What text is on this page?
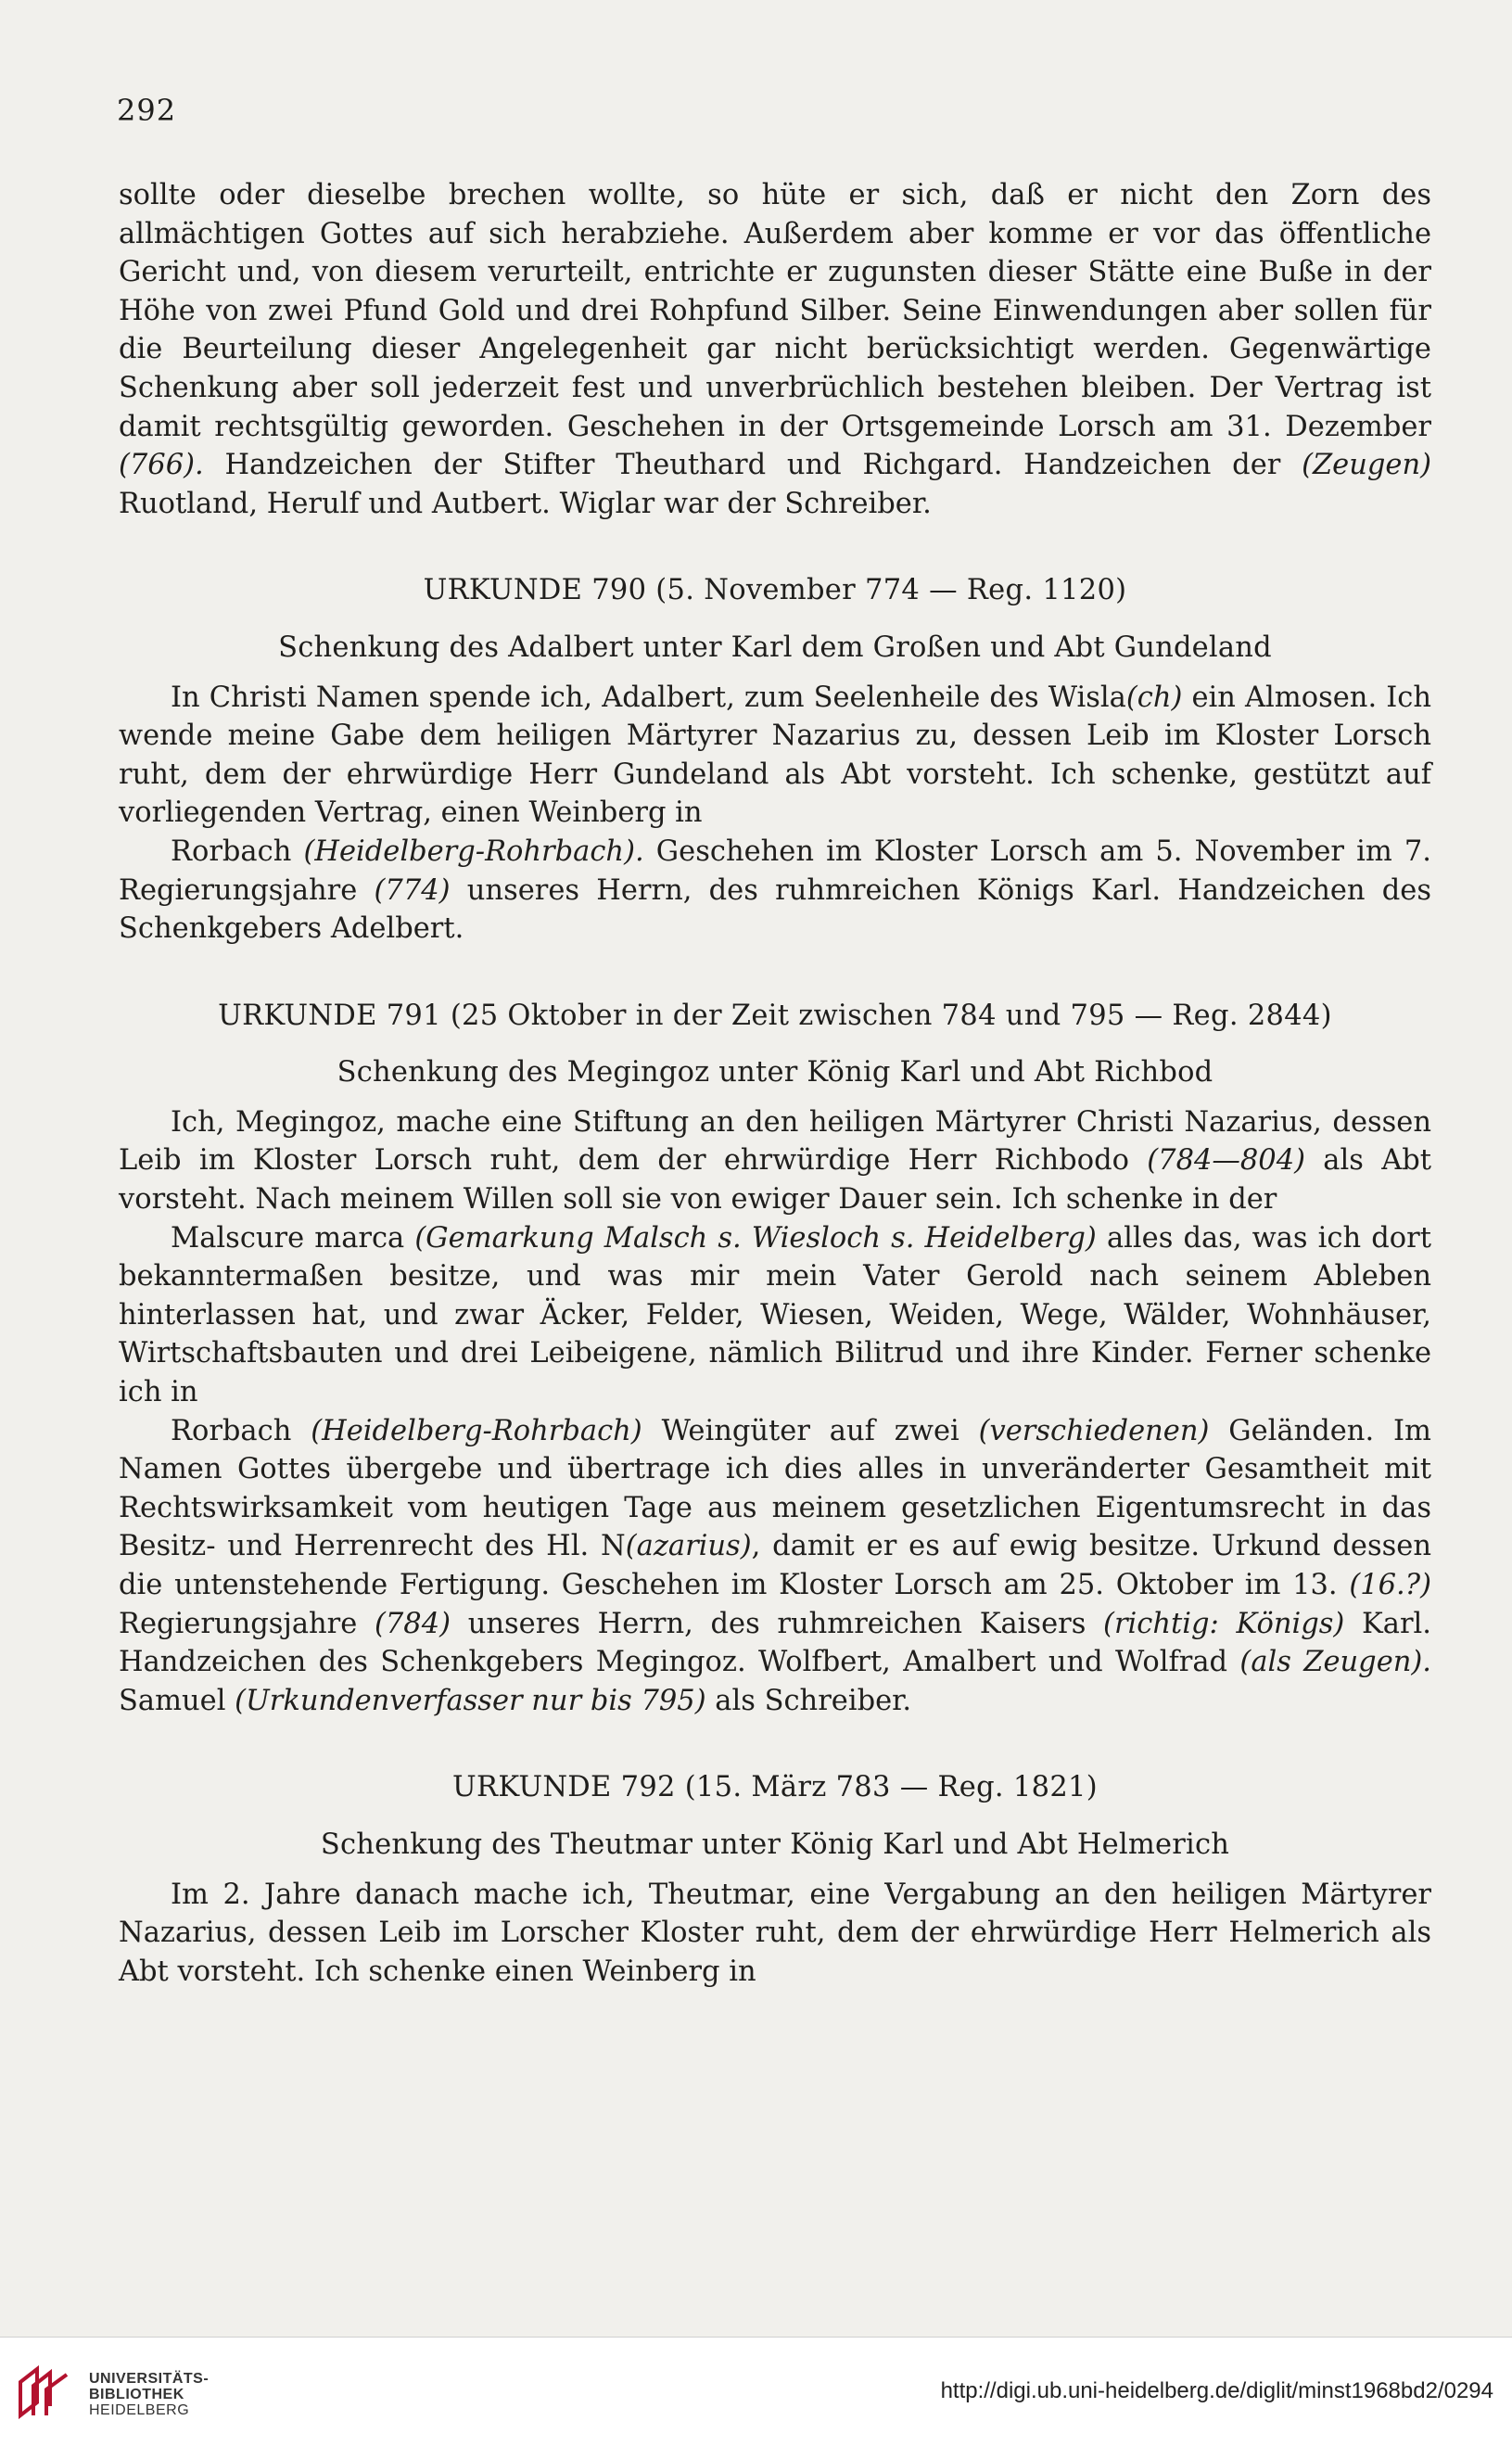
292

sollte oder dieselbe brechen wollte, so hüte er sich, daß er nicht den Zorn des allmächtigen Gottes auf sich herabziehe. Außerdem aber komme er vor das öffentliche Gericht und, von diesem verurteilt, entrichte er zugunsten dieser Stätte eine Buße in der Höhe von zwei Pfund Gold und drei Rohpfund Silber. Seine Einwendungen aber sollen für die Beurteilung dieser Angelegenheit gar nicht berücksichtigt werden. Gegenwärtige Schenkung aber soll jederzeit fest und unverbrüchlich bestehen bleiben. Der Vertrag ist damit rechtsgültig geworden. Geschehen in der Ortsgemeinde Lorsch am 31. Dezember (766). Handzeichen der Stifter Theuthard und Richgard. Handzeichen der (Zeugen) Ruotland, Herulf und Autbert. Wiglar war der Schreiber.

URKUNDE 790 (5. November 774 — Reg. 1120)
Schenkung des Adalbert unter Karl dem Großen und Abt Gundeland

In Christi Namen spende ich, Adalbert, zum Seelenheile des Wisla(ch) ein Almosen. Ich wende meine Gabe dem heiligen Märtyrer Nazarius zu, dessen Leib im Kloster Lorsch ruht, dem der ehrwürdige Herr Gundeland als Abt vorsteht. Ich schenke, gestützt auf vorliegenden Vertrag, einen Weinberg in

Rorbach (Heidelberg-Rohrbach). Geschehen im Kloster Lorsch am 5. November im 7. Regierungsjahre (774) unseres Herrn, des ruhmreichen Königs Karl. Handzeichen des Schenkgebers Adelbert.

URKUNDE 791 (25 Oktober in der Zeit zwischen 784 und 795 — Reg. 2844)
Schenkung des Megingoz unter König Karl und Abt Richbod

Ich, Megingoz, mache eine Stiftung an den heiligen Märtyrer Christi Nazarius, dessen Leib im Kloster Lorsch ruht, dem der ehrwürdige Herr Richbodo (784—804) als Abt vorsteht. Nach meinem Willen soll sie von ewiger Dauer sein. Ich schenke in der

Malscure marca (Gemarkung Malsch s. Wiesloch s. Heidelberg) alles das, was ich dort bekanntermaßen besitze, und was mir mein Vater Gerold nach seinem Ableben hinterlassen hat, und zwar Äcker, Felder, Wiesen, Weiden, Wege, Wälder, Wohnhäuser, Wirtschaftsbauten und drei Leibeigene, nämlich Bilitrud und ihre Kinder. Ferner schenke ich in

Rorbach (Heidelberg-Rohrbach) Weingüter auf zwei (verschiedenen) Geländen. Im Namen Gottes übergebe und übertrage ich dies alles in unveränderter Gesamtheit mit Rechtswirksamkeit vom heutigen Tage aus meinem gesetzlichen Eigentumsrecht in das Besitz- und Herrenrecht des Hl. N(azarius), damit er es auf ewig besitze. Urkund dessen die untenstehende Fertigung. Geschehen im Kloster Lorsch am 25. Oktober im 13. (16.?) Regierungsjahre (784) unseres Herrn, des ruhmreichen Kaisers (richtig: Königs) Karl. Handzeichen des Schenkgebers Megingoz. Wolfbert, Amalbert und Wolfrad (als Zeugen). Samuel (Urkundenverfasser nur bis 795) als Schreiber.

URKUNDE 792 (15. März 783 — Reg. 1821)
Schenkung des Theutmar unter König Karl und Abt Helmerich

Im 2. Jahre danach mache ich, Theutmar, eine Vergabung an den heiligen Märtyrer Nazarius, dessen Leib im Lorscher Kloster ruht, dem der ehrwürdige Herr Helmerich als Abt vorsteht. Ich schenke einen Weinberg in

UNIVERSITÄTS-
BIBLIOTHEK
HEIDELBERG
http://digi.ub.uni-heidelberg.de/diglit/minst1968bd2/0294
